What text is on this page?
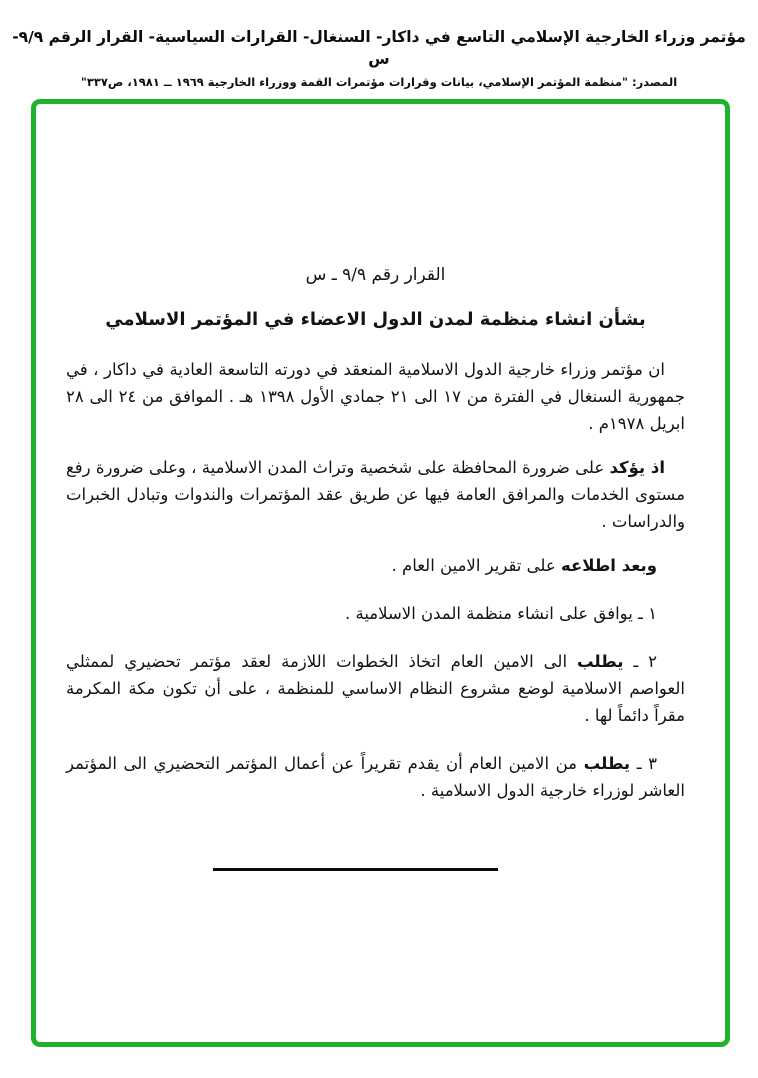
مؤتمر وزراء الخارجية الإسلامي التاسع في داكار- السنغال- القرارات السياسية- القرار الرقم ٩/٩- س
المصدر: "منظمة المؤتمر الإسلامي، بيانات وقرارات مؤتمرات القمة ووزراء الخارجية ١٩٦٩ ــ ١٩٨١، ص٣٣٧"
القرار رقم ٩/٩ ـ س
بشأن انشاء منظمة لمدن الدول الاعضاء في المؤتمر الاسلامي

ان مؤتمر وزراء خارجية الدول الاسلامية المنعقد في دورته التاسعة العادية في داكار ، في جمهورية السنغال في الفترة من ١٧ الى ٢١ جمادي الأول ١٣٩٨ هـ . الموافق من ٢٤ الى ٢٨ ابريل ١٩٧٨م .

اذ يؤكد على ضرورة المحافظة على شخصية وتراث المدن الاسلامية ، وعلى ضرورة رفع مستوى الخدمات والمرافق العامة فيها عن طريق عقد المؤتمرات والندوات وتبادل الخبرات والدراسات .

وبعد اطلاعه على تقرير الامين العام .

١ ـ يوافق على انشاء منظمة المدن الاسلامية .

٢ ـ يطلب الى الامين العام اتخاذ الخطوات اللازمة لعقد مؤتمر تحضيري لممثلي العواصم الاسلامية لوضع مشروع النظام الاساسي للمنظمة ، على أن تكون مكة المكرمة مقراً دائماً لها .

٣ ـ يطلب من الامين العام أن يقدم تقريراً عن أعمال المؤتمر التحضيري الى المؤتمر العاشر لوزراء خارجية الدول الاسلامية .
